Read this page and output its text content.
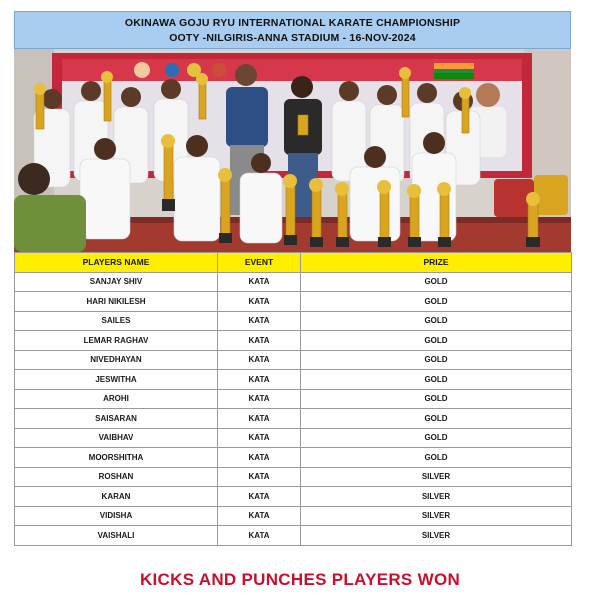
OKINAWA GOJU RYU INTERNATIONAL KARATE CHAMPIONSHIP
OOTY -NILGIRIS-ANNA STADIUM - 16-NOV-2024
PLAYERS NAME	EVENT	PRIZE
SANJAY SHIV	KATA	GOLD
HARI NIKILESH	KATA	GOLD
SAILES	KATA	GOLD
LEMAR RAGHAV	KATA	GOLD
NIVEDHAYAN	KATA	GOLD
JESWITHA	KATA	GOLD
AROHI	KATA	GOLD
SAISARAN	KATA	GOLD
VAIBHAV	KATA	GOLD
MOORSHITHA	KATA	GOLD
ROSHAN	KATA	SILVER
KARAN	KATA	SILVER
VIDISHA	KATA	SILVER
VAISHALI	KATA	SILVER
KICKS AND PUNCHES PLAYERS WON
